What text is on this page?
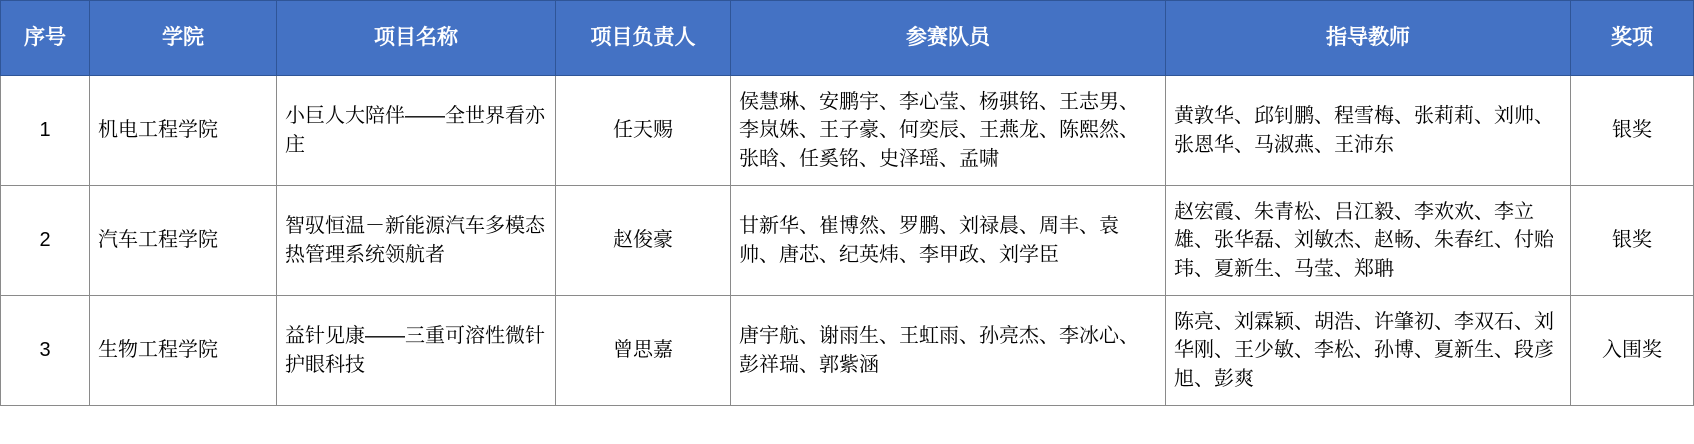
序号	学院	项目名称	项目负责人	参赛队员	指导教师	奖项
1	机电工程学院	小巨人大陪伴——全世界看亦庄	任天赐	侯慧琳、安鹏宇、李心莹、杨骐铭、王志男、李岚姝、王子豪、何奕辰、王燕龙、陈熙然、张晗、任奚铭、史泽瑶、孟啸	黄敦华、邱钊鹏、程雪梅、张莉莉、刘帅、张恩华、马淑燕、王沛东	银奖
2	汽车工程学院	智驭恒温－新能源汽车多模态热管理系统领航者	赵俊豪	甘新华、崔博然、罗鹏、刘禄晨、周丰、袁帅、唐芯、纪英炜、李甲政、刘学臣	赵宏霞、朱青松、吕江毅、李欢欢、李立雄、张华磊、刘敏杰、赵畅、朱春红、付贻玮、夏新生、马莹、郑聃	银奖
3	生物工程学院	益针见康——三重可溶性微针护眼科技	曾思嘉	唐宇航、谢雨生、王虹雨、孙亮杰、李冰心、彭祥瑞、郭紫涵	陈亮、刘霖颖、胡浩、许肇初、李双石、刘华刚、王少敏、李松、孙博、夏新生、段彦旭、彭爽	入围奖
